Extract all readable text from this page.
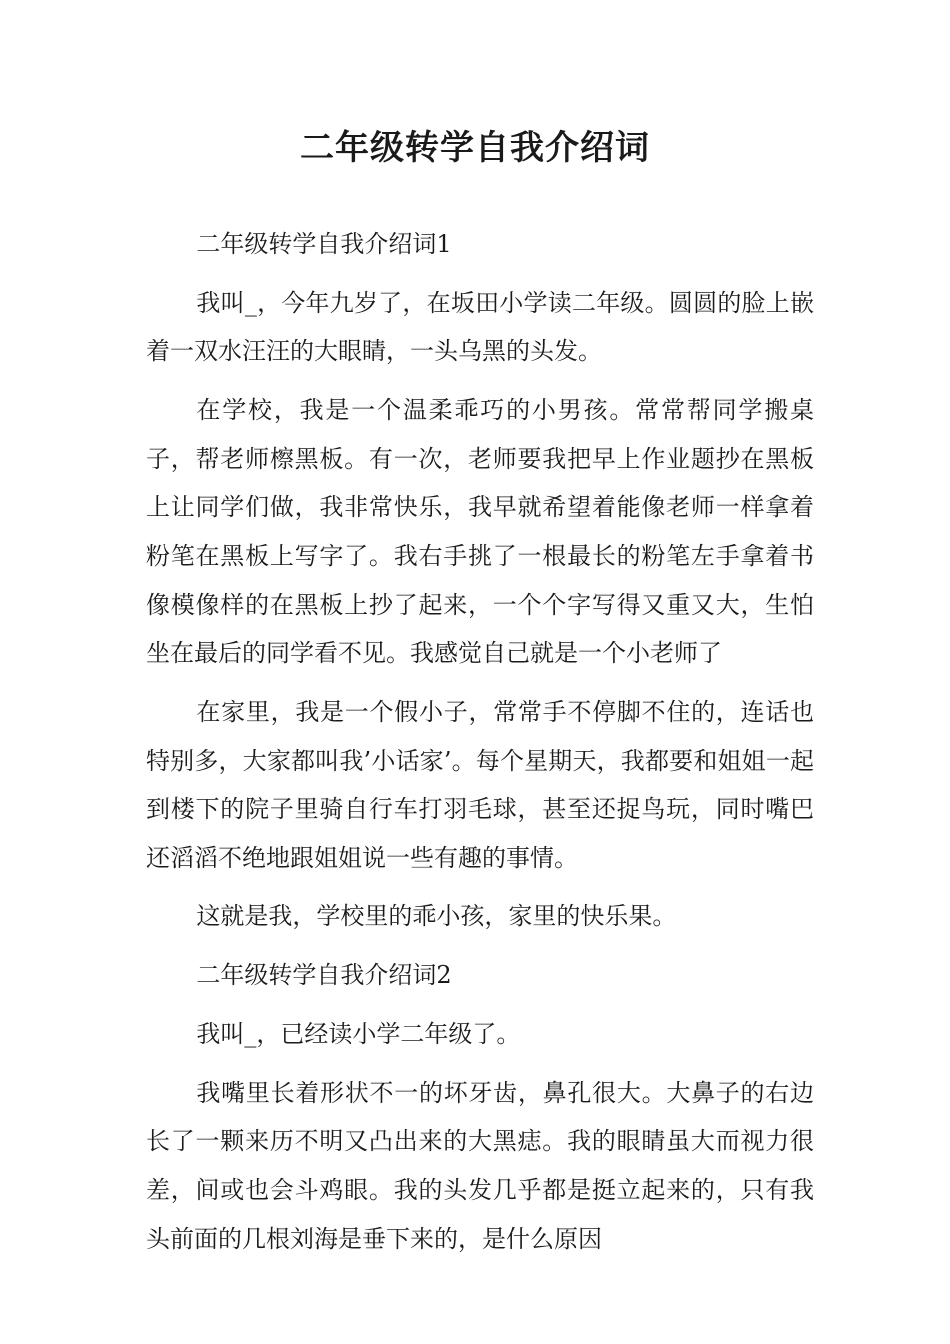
二年级转学自我介绍词

二年级转学自我介绍词1

我叫_，今年九岁了，在坂田小学读二年级。圆圆的脸上嵌着一双水汪汪的大眼睛，一头乌黑的头发。

在学校，我是一个温柔乖巧的小男孩。常常帮同学搬桌子，帮老师檫黑板。有一次，老师要我把早上作业题抄在黑板上让同学们做，我非常快乐，我早就希望着能像老师一样拿着粉笔在黑板上写字了。我右手挑了一根最长的粉笔左手拿着书像模像样的在黑板上抄了起来，一个个字写得又重又大，生怕坐在最后的同学看不见。我感觉自己就是一个小老师了

在家里，我是一个假小子，常常手不停脚不住的，连话也特别多，大家都叫我’小话家’。每个星期天，我都要和姐姐一起到楼下的院子里骑自行车打羽毛球，甚至还捉鸟玩，同时嘴巴还滔滔不绝地跟姐姐说一些有趣的事情。

这就是我，学校里的乖小孩，家里的快乐果。

二年级转学自我介绍词2

我叫_，已经读小学二年级了。

我嘴里长着形状不一的坏牙齿，鼻孔很大。大鼻子的右边长了一颗来历不明又凸出来的大黑痣。我的眼睛虽大而视力很差，间或也会斗鸡眼。我的头发几乎都是挺立起来的，只有我头前面的几根刘海是垂下来的，是什么原因
